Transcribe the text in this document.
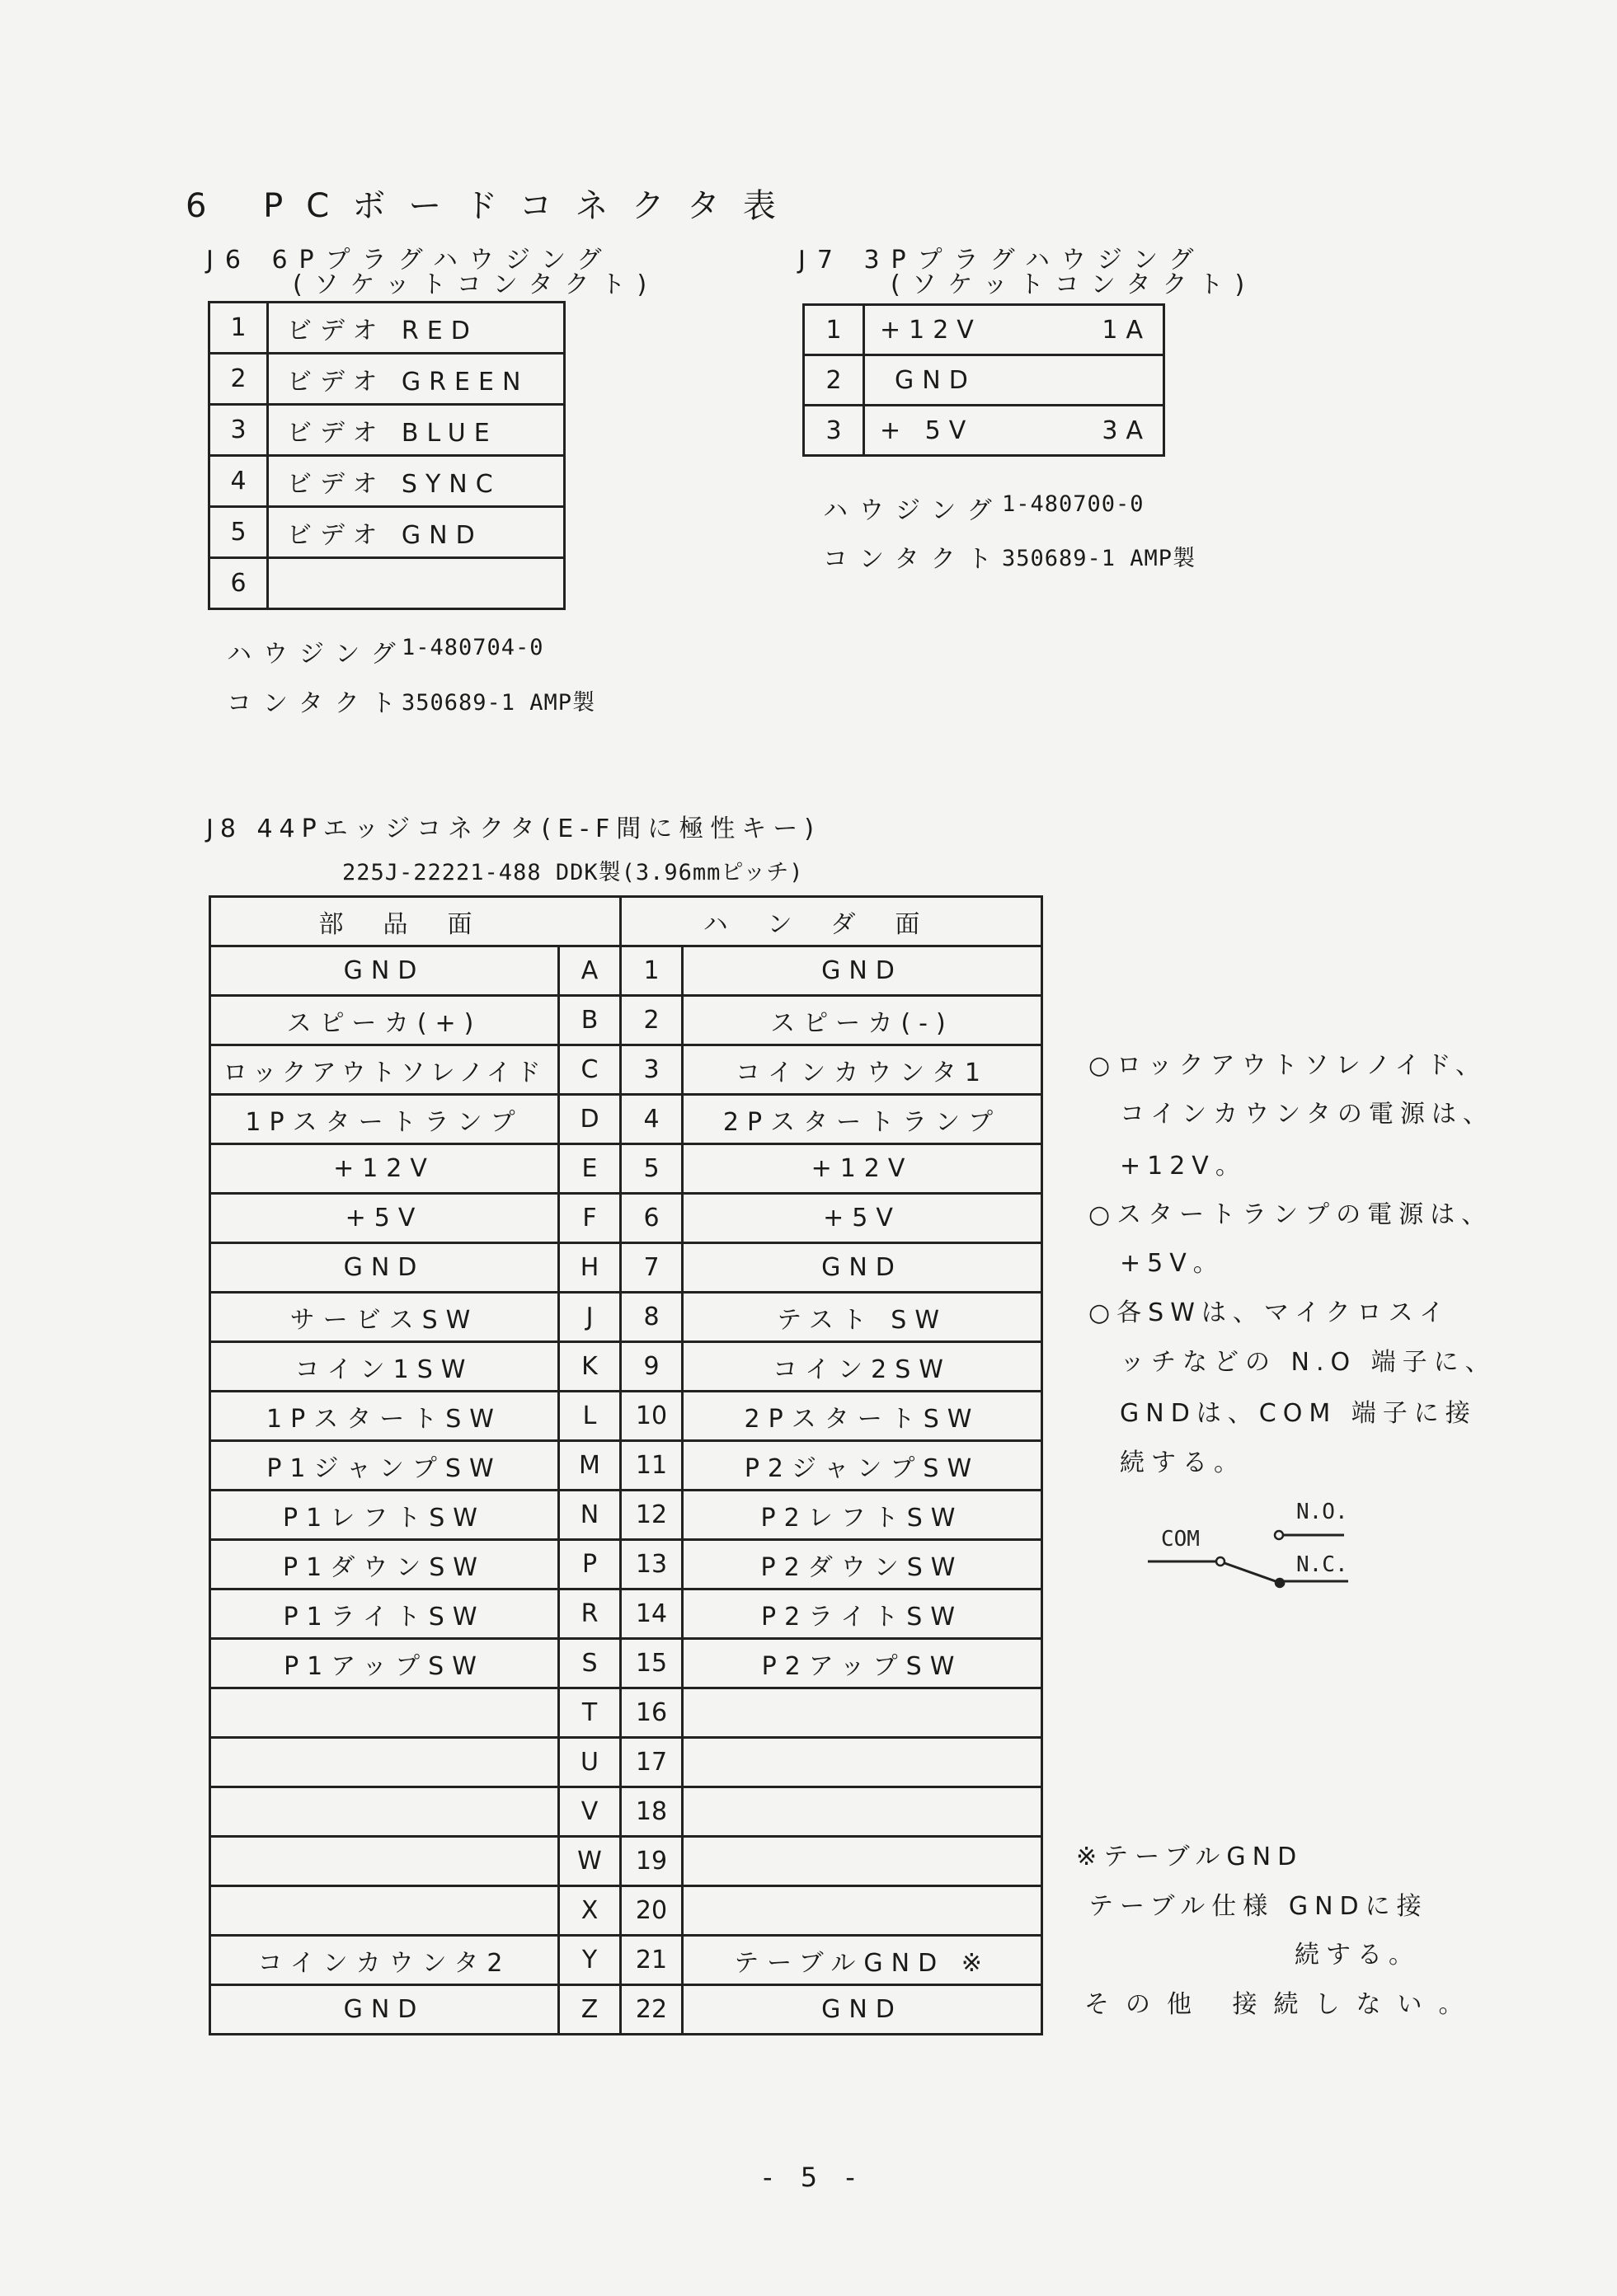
6 PCボードコネクタ表
J6 6Pプラグハウジング
(ソケットコンタクト)
1	ビデオ RED
2	ビデオ GREEN
3	ビデオ BLUE
4	ビデオ SYNC
5	ビデオ GND
6	
ハウジング
1-480704-0
コンタクト
350689-1 AMP製
J7 3Pプラグハウジング
(ソケットコンタクト)
1	+12V 1A

2	GND

3	+ 5V 3A
ハウジング
1-480700-0
コンタクト
350689-1 AMP製
J8 44Pエッジコネクタ(E-F間に極性キー)
225J-22221-488 DDK製(3.96mmピッチ)
部品面		ハンダ面	
GND	A	1	GND
スピーカ(+)	B	2	スピーカ(-)
ロックアウトソレノイド	C	3	コインカウンタ1
1Pスタートランプ	D	4	2Pスタートランプ
+12V	E	5	+12V
+5V	F	6	+5V
GND	H	7	GND
サービスSW	J	8	テスト SW
コイン1SW	K	9	コイン2SW
1PスタートSW	L	10	2PスタートSW
P1ジャンプSW	M	11	P2ジャンプSW
P1レフトSW	N	12	P2レフトSW
P1ダウンSW	P	13	P2ダウンSW
P1ライトSW	R	14	P2ライトSW
P1アップSW	S	15	P2アップSW
	T	16	
	U	17	
	V	18	
	W	19	
	X	20	
コインカウンタ2	Y	21	テーブルGND ※
GND	Z	22	GND
○ロックアウトソレノイド、
コインカウンタの電源は、
+12V。
○スタートランプの電源は、
+5V。
○各SWは、マイクロスイ
ッチなどの N.O 端子に、
GNDは、COM 端子に接
続する。
COM
N.O.
N.C.
※テーブルGND
テーブル仕様 GNDに接
続する。
その他 接続しない。
- 5 -
